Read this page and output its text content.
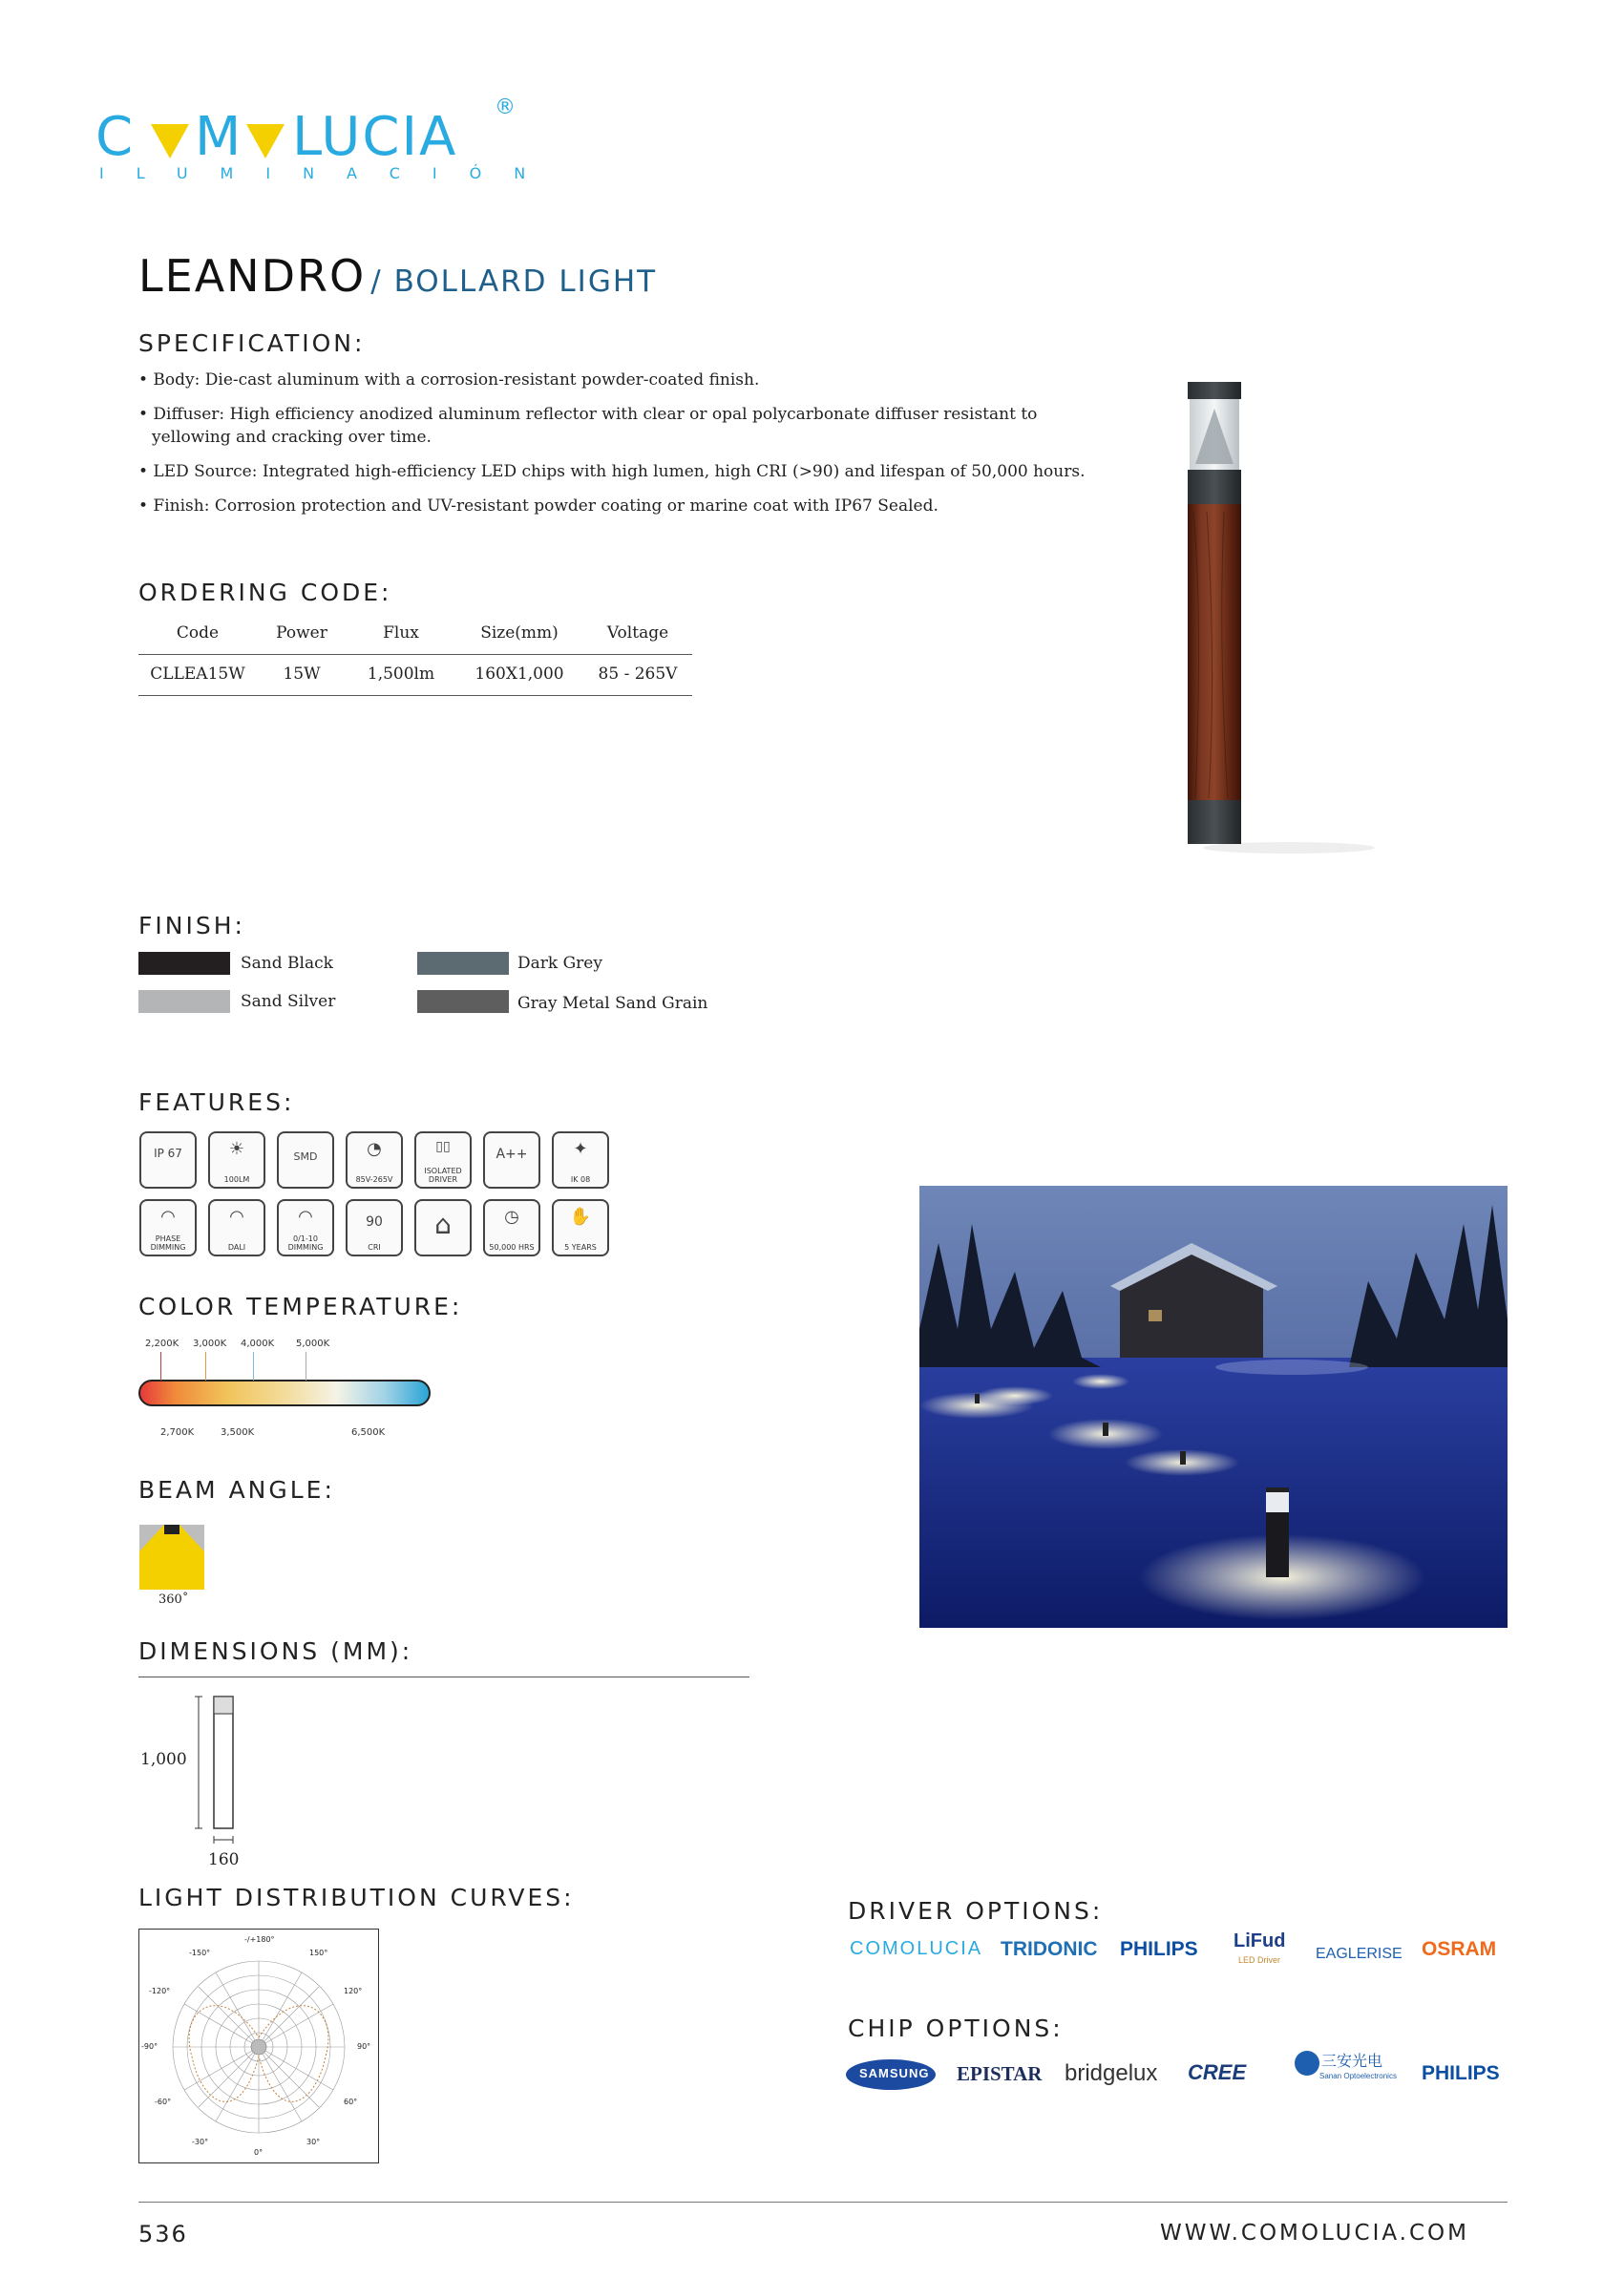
C M LUCIA ®
ILUMINACIÓN
LEANDRO / BOLLARD LIGHT
SPECIFICATION:

• Body: Die-cast aluminum with a corrosion-resistant powder-coated finish.

• Diffuser: High efficiency anodized aluminum reflector with clear or opal polycarbonate diffuser resistant to yellowing and cracking over time.

• LED Source: Integrated high-efficiency LED chips with high lumen, high CRI (>90) and lifespan of 50,000 hours.

• Finish: Corrosion protection and UV-resistant powder coating or marine coat with IP67 Sealed.

ORDERING CODE:
Code	Power	Flux	Size(mm)	Voltage
CLLEA15W	15W	1,500lm	160X1,000	85 - 265V
FINISH:
Sand Black	Dark Grey
Sand Silver	Gray Metal Sand Grain
FEATURES:
IP 67	☀
100LM
SMD	◔
85V-265V
▯▯
ISOLATED DRIVER
A++	✦
IK 08
◠
PHASE DIMMING
◠
DALI
◠
0/1-10 DIMMING
90
CRI
⌂	◷
50,000 HRS
✋
5 YEARS
COLOR TEMPERATURE:
2,200K 3,000K 4,000K 5,000K
2,700K	3,500K	6,500K
BEAM ANGLE:
360˚
DIMENSIONS (MM):
1,000
160
LIGHT DISTRIBUTION CURVES:
-/+180°
-150°	150°
-120°	120°
-90°	90°
-60°	60°
-30°	30°
0°
DRIVER OPTIONS:
COMOLUCIA TRIDONIC PHILIPS LiFud
LED Driver EAGLERISE OSRAM
CHIP OPTIONS:
SAMSUNG EPISTAR bridgelux CREE	三安光电
Sanan Optoelectronics PHILIPS
536	WWW.COMOLUCIA.COM
